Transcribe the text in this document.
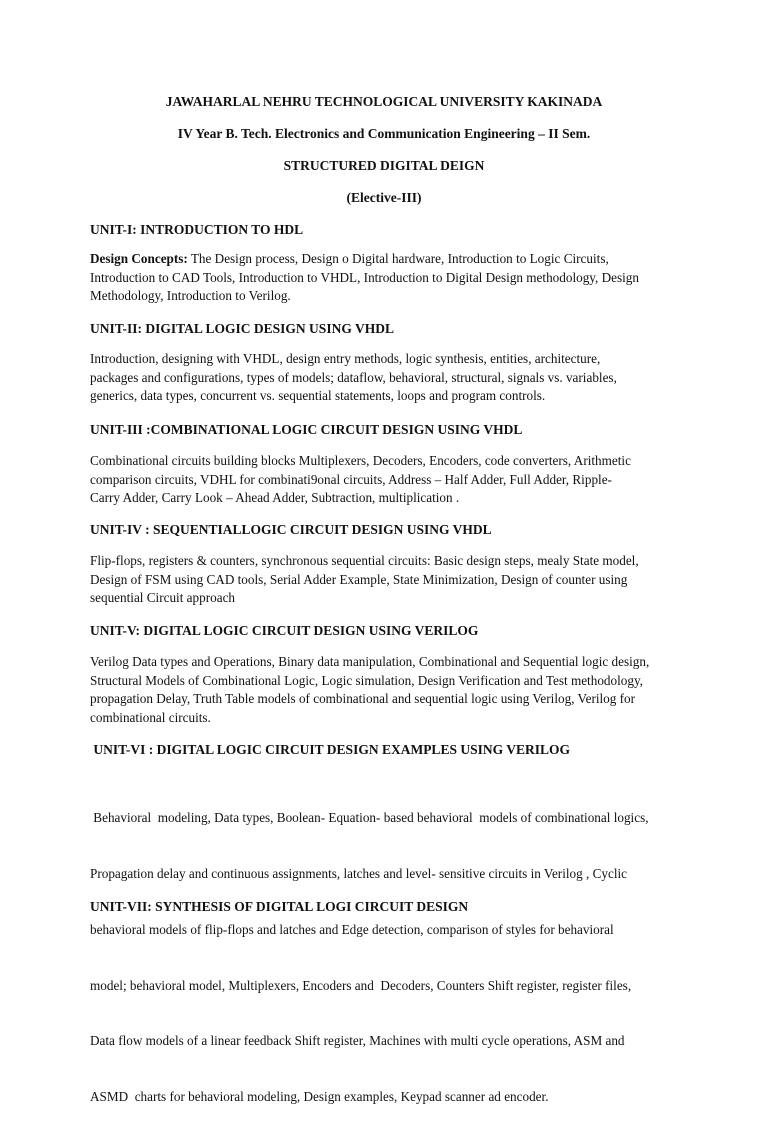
JAWAHARLAL NEHRU TECHNOLOGICAL UNIVERSITY KAKINADA
IV Year B. Tech. Electronics and Communication Engineering – II Sem.
STRUCTURED DIGITAL DEIGN
(Elective-III)
UNIT-I: INTRODUCTION TO HDL
Design Concepts: The Design process, Design o Digital hardware, Introduction to Logic Circuits,
Introduction to CAD Tools, Introduction to VHDL, Introduction to Digital Design methodology, Design
Methodology, Introduction to Verilog.
UNIT-II: DIGITAL LOGIC DESIGN USING VHDL
Introduction, designing with VHDL, design entry methods, logic synthesis, entities, architecture,
packages and configurations, types of models; dataflow, behavioral, structural, signals vs. variables,
generics, data types, concurrent vs. sequential statements, loops and program controls.
UNIT-III :COMBINATIONAL LOGIC CIRCUIT DESIGN USING VHDL
Combinational circuits building blocks Multiplexers, Decoders, Encoders, code converters, Arithmetic
comparison circuits, VDHL for combinati9onal circuits, Address – Half Adder, Full Adder, Ripple-
Carry Adder, Carry Look – Ahead Adder, Subtraction, multiplication .
UNIT-IV : SEQUENTIALLOGIC CIRCUIT DESIGN USING VHDL
Flip-flops, registers & counters, synchronous sequential circuits: Basic design steps, mealy State model,
Design of FSM using CAD tools, Serial Adder Example, State Minimization, Design of counter using
sequential Circuit approach
UNIT-V: DIGITAL LOGIC CIRCUIT DESIGN USING VERILOG
Verilog Data types and Operations, Binary data manipulation, Combinational and Sequential logic design,
Structural Models of Combinational Logic, Logic simulation, Design Verification and Test methodology,
propagation Delay, Truth Table models of combinational and sequential logic using Verilog, Verilog for
combinational circuits.
UNIT-VI : DIGITAL LOGIC CIRCUIT DESIGN EXAMPLES USING VERILOG

Behavioral  modeling, Data types, Boolean- Equation- based behavioral  models of combinational logics,

Propagation delay and continuous assignments, latches and level- sensitive circuits in Verilog , Cyclic

behavioral models of flip-flops and latches and Edge detection, comparison of styles for behavioral

model; behavioral model, Multiplexers, Encoders and  Decoders, Counters Shift register, register files,

Data flow models of a linear feedback Shift register, Machines with multi cycle operations, ASM and

ASMD  charts for behavioral modeling, Design examples, Keypad scanner ad encoder.

UNIT-VII: SYNTHESIS OF DIGITAL LOGI CIRCUIT DESIGN
